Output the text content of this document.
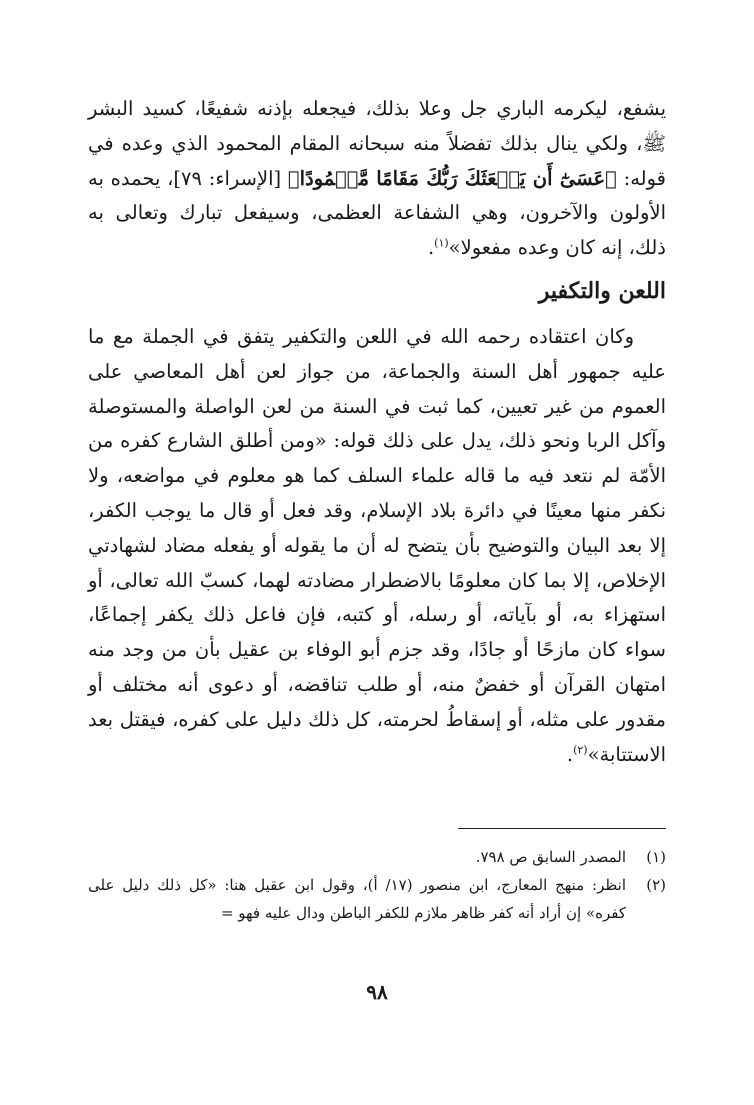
يشفع، ليكرمه الباري جل وعلا بذلك، فيجعله بإذنه شفيعًا، كسيد البشر ﷺ، ولكي ينال بذلك تفضلاً منه سبحانه المقام المحمود الذي وعده في قوله: ﴿عَسَىٰٓ أَن يَبۡعَثَكَ رَبُّكَ مَقَامًا مَّحۡمُودًا﴾ [الإسراء: ٧٩]، يحمده به الأولون والآخرون، وهي الشفاعة العظمى، وسيفعل تبارك وتعالى به ذلك، إنه كان وعده مفعولا»$^{(١)}$.

اللعن والتكفير

وكان اعتقاده رحمه الله في اللعن والتكفير يتفق في الجملة مع ما عليه جمهور أهل السنة والجماعة، من جواز لعن أهل المعاصي على العموم من غير تعيين، كما ثبت في السنة من لعن الواصلة والمستوصلة وآكل الربا ونحو ذلك، يدل على ذلك قوله: «ومن أطلق الشارع كفره من الأمّة لم نتعد فيه ما قاله علماء السلف كما هو معلوم في مواضعه، ولا نكفر منها معينًا في دائرة بلاد الإسلام، وقد فعل أو قال ما يوجب الكفر، إلا بعد البيان والتوضيح بأن يتضح له أن ما يقوله أو يفعله مضاد لشهادتي الإخلاص، إلا بما كان معلومًا بالاضطرار مضادته لهما، كسبّ الله تعالى، أو استهزاء به، أو بآياته، أو رسله، أو كتبه، فإن فاعل ذلك يكفر إجماعًا، سواء كان مازحًا أو جادًا، وقد جزم أبو الوفاء بن عقيل بأن من وجد منه امتهان القرآن أو خفضٌ منه، أو طلب تناقضه، أو دعوى أنه مختلف أو مقدور على مثله، أو إسقاطُ لحرمته، كل ذلك دليل على كفره، فيقتل بعد الاستتابة»$^{(٢)}$.

(١)
المصدر السابق ص ٧٩٨.
(٢)
انظر: منهج المعارج، ابن منصور (١٧/ أ)، وقول ابن عقيل هنا: «كل ذلك دليل على كفره» إن أراد أنه كفر ظاهر ملازم للكفر الباطن ودال عليه فهو =
٩٨
